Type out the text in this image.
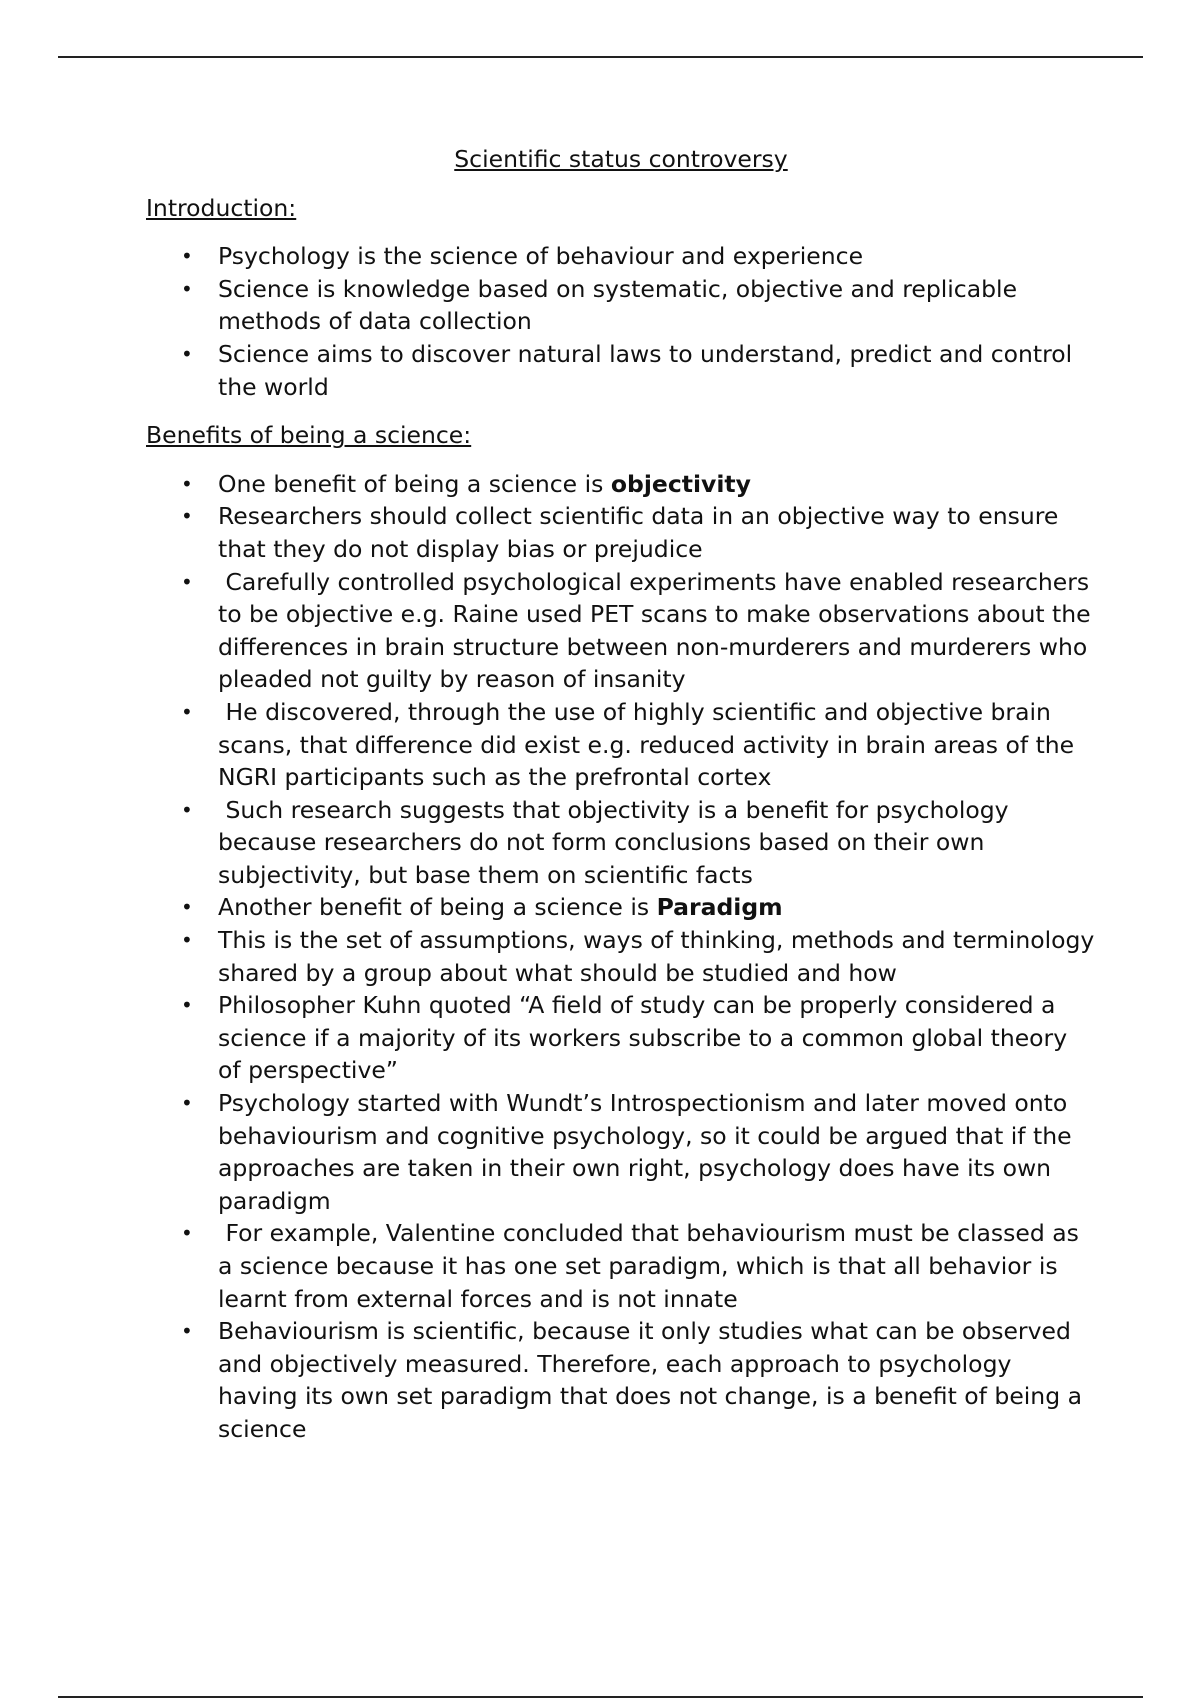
Scientific status controversy
Introduction:
• Psychology is the science of behaviour and experience
• Science is knowledge based on systematic, objective and replicable methods of data collection
• Science aims to discover natural laws to understand, predict and control the world
Benefits of being a science:
• One benefit of being a science is objectivity
• Researchers should collect scientific data in an objective way to ensure that they do not display bias or prejudice
• Carefully controlled psychological experiments have enabled researchers to be objective e.g. Raine used PET scans to make observations about the differences in brain structure between non-murderers and murderers who pleaded not guilty by reason of insanity
• He discovered, through the use of highly scientific and objective brain scans, that difference did exist e.g. reduced activity in brain areas of the NGRI participants such as the prefrontal cortex
• Such research suggests that objectivity is a benefit for psychology because researchers do not form conclusions based on their own subjectivity, but base them on scientific facts
• Another benefit of being a science is Paradigm
• This is the set of assumptions, ways of thinking, methods and terminology shared by a group about what should be studied and how
• Philosopher Kuhn quoted “A field of study can be properly considered a science if a majority of its workers subscribe to a common global theory of perspective”
• Psychology started with Wundt’s Introspectionism and later moved onto behaviourism and cognitive psychology, so it could be argued that if the approaches are taken in their own right, psychology does have its own paradigm
• For example, Valentine concluded that behaviourism must be classed as a science because it has one set paradigm, which is that all behavior is learnt from external forces and is not innate
• Behaviourism is scientific, because it only studies what can be observed and objectively measured. Therefore, each approach to psychology having its own set paradigm that does not change, is a benefit of being a science
